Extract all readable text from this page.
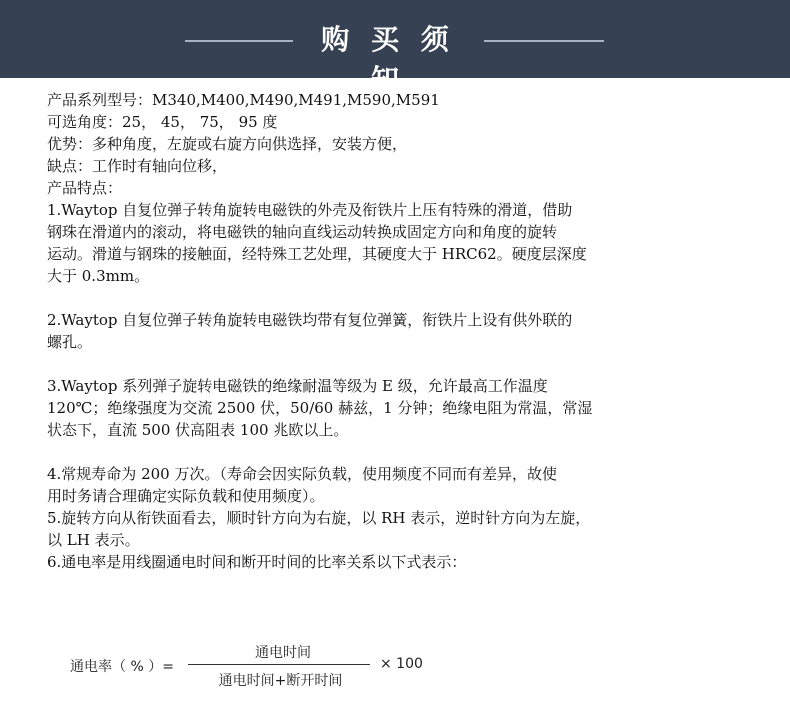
购 买 须 知
产品系列型号：M340,M400,M490,M491,M590,M591
可选角度：25， 45， 75， 95 度
优势：多种角度，左旋或右旋方向供选择，安装方便，
缺点：工作时有轴向位移，
产品特点：
1.Waytop 自复位弹子转角旋转电磁铁的外壳及衔铁片上压有特殊的滑道，借助
钢珠在滑道内的滚动，将电磁铁的轴向直线运动转换成固定方向和角度的旋转
运动。滑道与钢珠的接触面，经特殊工艺处理，其硬度大于 HRC62。硬度层深度
大于 0.3mm。
2.Waytop 自复位弹子转角旋转电磁铁均带有复位弹簧，衔铁片上设有供外联的
螺孔。
3.Waytop 系列弹子旋转电磁铁的绝缘耐温等级为 E 级，允许最高工作温度
120℃；绝缘强度为交流 2500 伏，50/60 赫兹，1 分钟；绝缘电阻为常温，常湿
状态下，直流 500 伏高阻表 100 兆欧以上。
4.常规寿命为 200 万次。（寿命会因实际负载，使用频度不同而有差异，故使
用时务请合理确定实际负载和使用频度）。
5.旋转方向从衔铁面看去，顺时针方向为右旋，以 RH 表示，逆时针方向为左旋，
以 LH 表示。
6.通电率是用线圈通电时间和断开时间的比率关系以下式表示：
通电率（ % ）=
通电时间
通电时间+断开时间
× 100
